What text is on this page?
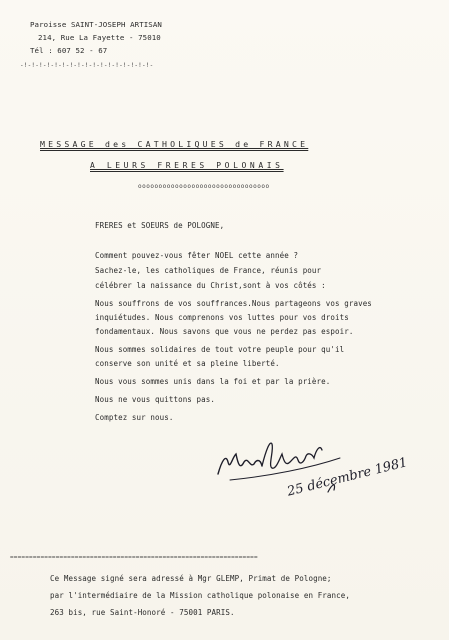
Paroisse SAINT-JOSEPH ARTISAN
214, Rue La Fayette - 75010
Tél : 607 52 - 67
-!-!-!-!-!-!-!-!-!-!-!-!-!-!-!-!-!-
MESSAGE des CATHOLIQUES de FRANCE
A LEURS FRERES POLONAIS
oooooooooooooooooooooooooooooooo
FRERES et SOEURS de POLOGNE,
Comment pouvez-vous fêter NOEL cette année ?
Sachez-le, les catholiques de France, réunis pour
célébrer la naissance du Christ,sont à vos côtés :
Nous souffrons de vos souffrances.Nous partageons vos graves
inquiétudes. Nous comprenons vos luttes pour vos droits
fondamentaux. Nous savons que vous ne perdez pas espoir.
Nous sommes solidaires de tout votre peuple pour qu'il
conserve son unité et sa pleine liberté.
Nous vous sommes unis dans la foi et par la prière.
Nous ne vous quittons pas.
Comptez sur nous.
25 décembre 1981
=================================================================
Ce Message signé sera adressé à Mgr GLEMP, Primat de Pologne;
par l'intermédiaire de la Mission catholique polonaise en France,
263 bis, rue Saint-Honoré - 75001 PARIS.
